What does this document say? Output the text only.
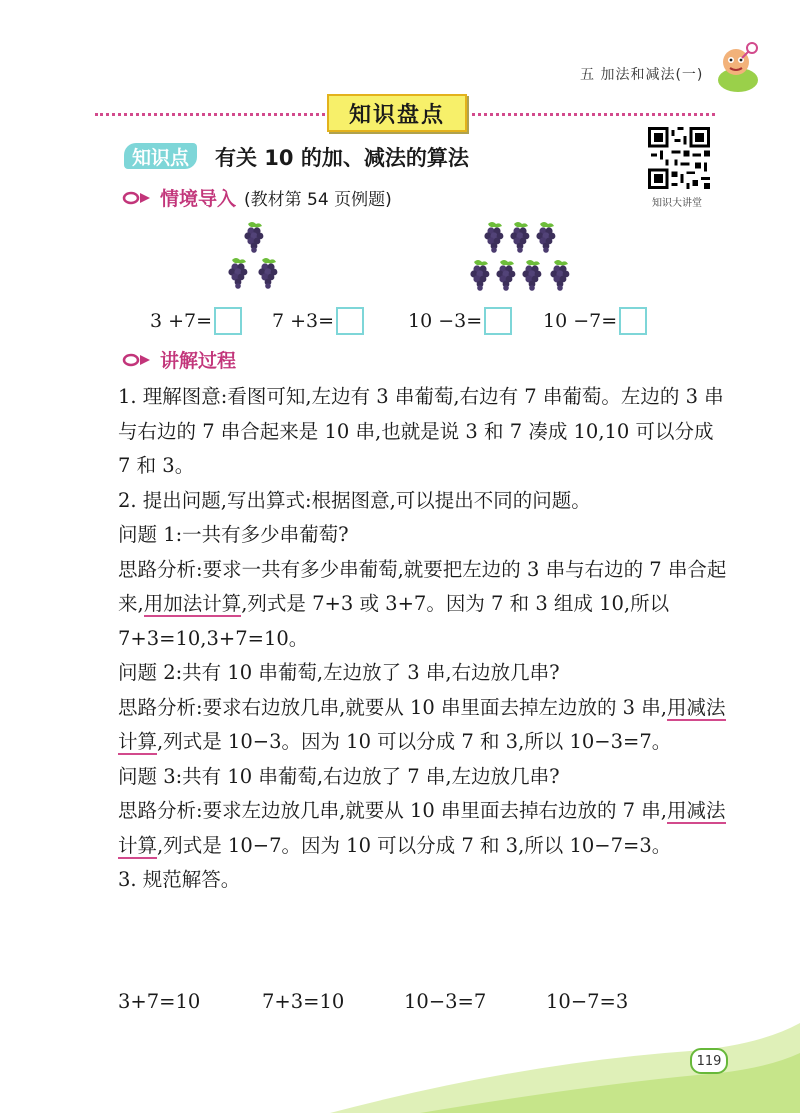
五 加法和减法(一)
知识盘点
知识点	有关 10 的加、减法的算法
知识大讲堂
情境导入 (教材第 54 页例题)
3 +7=	7 +3=	10 −3=	10 −7=
讲解过程

1. 理解图意:看图可知,左边有 3 串葡萄,右边有 7 串葡萄。左边的 3 串与右边的 7 串合起来是 10 串,也就是说 3 和 7 凑成 10,10 可以分成 7 和 3。

2. 提出问题,写出算式:根据图意,可以提出不同的问题。

问题 1:一共有多少串葡萄?

思路分析:要求一共有多少串葡萄,就要把左边的 3 串与右边的 7 串合起来,用加法计算,列式是 7+3 或 3+7。因为 7 和 3 组成 10,所以 7+3=10,3+7=10。

问题 2:共有 10 串葡萄,左边放了 3 串,右边放几串?

思路分析:要求右边放几串,就要从 10 串里面去掉左边放的 3 串,用减法计算,列式是 10−3。因为 10 可以分成 7 和 3,所以 10−3=7。

问题 3:共有 10 串葡萄,右边放了 7 串,左边放几串?

思路分析:要求左边放几串,就要从 10 串里面去掉右边放的 7 串,用减法计算,列式是 10−7。因为 10 可以分成 7 和 3,所以 10−7=3。

3. 规范解答。

3+7=10	7+3=10	10−3=7	10−7=3
119
